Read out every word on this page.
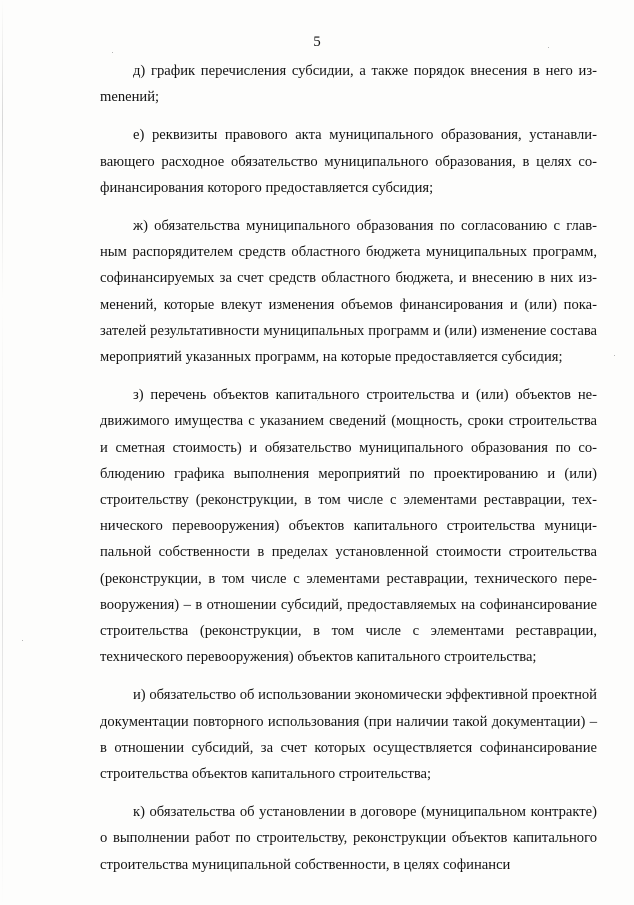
5

д) график перечисления субсидии, а также порядок внесения в него изmenений;

е) реквизиты правового акта муниципального образования, устанавливающего расходное обязательство муниципального образования, в целях софинансирования которого предоставляется субсидия;

ж) обязательства муниципального образования по согласованию с главным распорядителем средств областного бюджета муниципальных программ, софинансируемых за счет средств областного бюджета, и внесению в них изменений, которые влекут изменения объемов финансирования и (или) показателей результативности муниципальных программ и (или) изменение состава мероприятий указанных программ, на которые предоставляется субсидия;

з) перечень объектов капитального строительства и (или) объектов недвижимого имущества с указанием сведений (мощность, сроки строительства и сметная стоимость) и обязательство муниципального образования по соблюдению графика выполнения мероприятий по проектированию и (или) строительству (реконструкции, в том числе с элементами реставрации, технического перевооружения) объектов капитального строительства муниципальной собственности в пределах установленной стоимости строительства (реконструкции, в том числе с элементами реставрации, технического перевооружения) – в отношении субсидий, предоставляемых на софинансирование строительства (реконструкции, в том числе с элементами реставрации, технического перевооружения) объектов капитального строительства;

и) обязательство об использовании экономически эффективной проектной документации повторного использования (при наличии такой документации) – в отношении субсидий, за счет которых осуществляется софинансирование строительства объектов капитального строительства;

к) обязательства об установлении в договоре (муниципальном контракте) о выполнении работ по строительству, реконструкции объектов капитального строительства муниципальной собственности, в целях софинанси
